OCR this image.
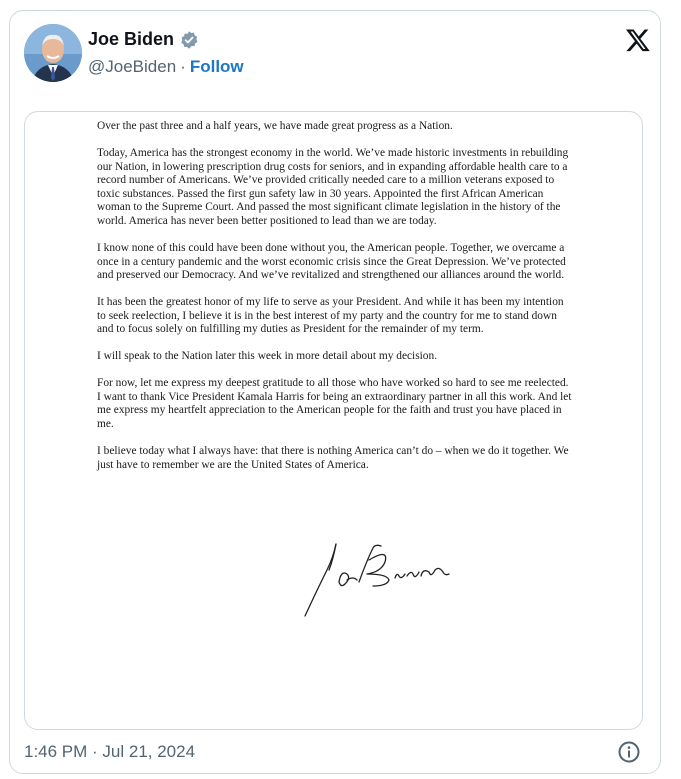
Joe Biden
@JoeBiden · Follow

Over the past three and a half years, we have made great progress as a Nation.

Today, America has the strongest economy in the world. We’ve made historic investments in rebuilding our Nation, in lowering prescription drug costs for seniors, and in expanding affordable health care to a record number of Americans. We’ve provided critically needed care to a million veterans exposed to toxic substances. Passed the first gun safety law in 30 years. Appointed the first African American woman to the Supreme Court. And passed the most significant climate legislation in the history of the world. America has never been better positioned to lead than we are today.

I know none of this could have been done without you, the American people. Together, we overcame a once in a century pandemic and the worst economic crisis since the Great Depression. We’ve protected and preserved our Democracy. And we’ve revitalized and strengthened our alliances around the world.

It has been the greatest honor of my life to serve as your President. And while it has been my intention to seek reelection, I believe it is in the best interest of my party and the country for me to stand down and to focus solely on fulfilling my duties as President for the remainder of my term.

I will speak to the Nation later this week in more detail about my decision.

For now, let me express my deepest gratitude to all those who have worked so hard to see me reelected. I want to thank Vice President Kamala Harris for being an extraordinary partner in all this work. And let me express my heartfelt appreciation to the American people for the faith and trust you have placed in me.

I believe today what I always have: that there is nothing America can’t do – when we do it together. We just have to remember we are the United States of America.

1:46 PM · Jul 21, 2024
